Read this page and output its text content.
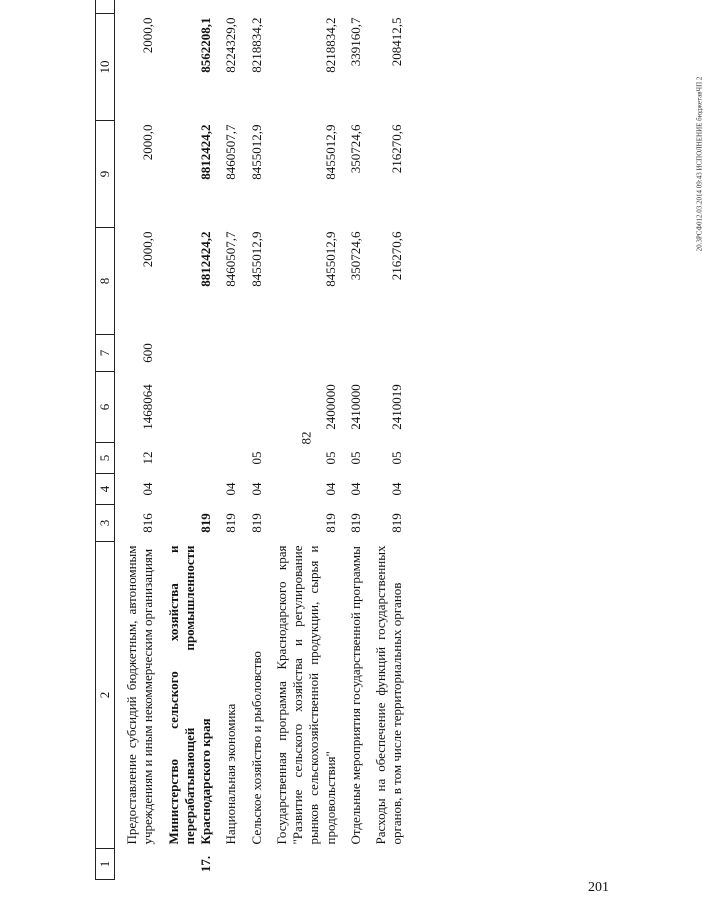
82
20.3РСФ012.03.2014 09:43 ИСПОЛНЕНИЕ бюджетавЧП 2
201
1	2	3	4	5	6	7	8	9	10	
	Предоставление субсидий бюджетным, автономным учреждениям и иным некоммерческим организациям	816	04	12	1468064	600	2000,0	2000,0	2000,0	
17.	Министерство сельского хозяйства и перерабатывающей промышленности Краснодарского края	819					8812424,2	8812424,2	8562208,1	
	Национальная экономика	819	04				8460507,7	8460507,7	8224329,0	
	Сельское хозяйство и рыболовство	819	04	05			8455012,9	8455012,9	8218834,2	
	Государственная программа Краснодарского края "Развитие сельского хозяйства и регулирование рынков сельскохозяйственной продукции, сырья и продовольствия"	819	04	05	2400000		8455012,9	8455012,9	8218834,2	
	Отдельные мероприятия государственной программы	819	04	05	2410000		350724,6	350724,6	339160,7	
	Расходы на обеспечение функций государственных органов, в том числе территориальных органов	819	04	05	2410019		216270,6	216270,6	208412,5	
